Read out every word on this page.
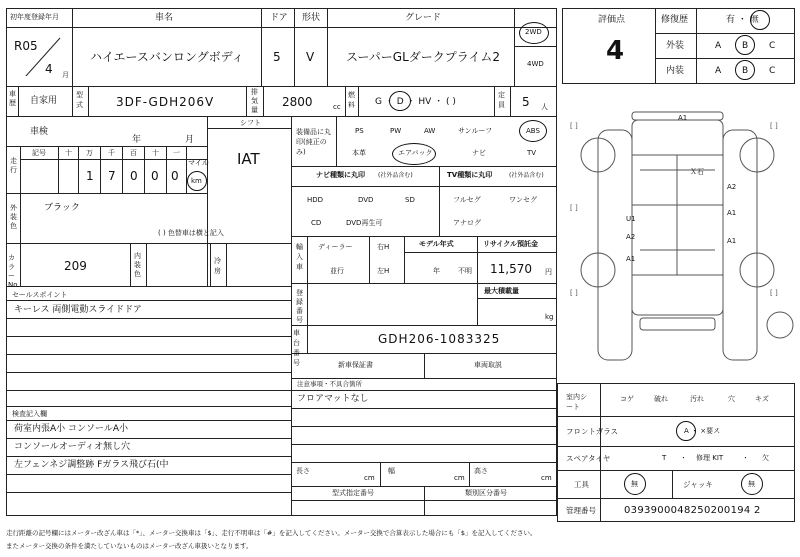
初年度登録年月
R05
4 月
車名
ハイエースバンロングボディ
ドア
5
形状
V
グレード
スーパーGLダークプライム2
2WD
4WD
評価点
4
修復歴	有 ・ 無
外装	A B C
内装	A B C
車歴 自家用
型式	3DF-GDH206V
排気量
2800	cc
燃料 G ・ D ・ HV ・ ( )
定員 5 人
車検
年	月
シフト
IAT
走行
記号	十 万 千 百 十 一
マイル
1 7 0 0 0 km
外装色
ブラック
( ) 色替車は横と記入
カラーNo.
209
内装色
冷房
セールスポイント
キーレス 両側電動スライドドア
検査記入欄
荷室内張A小 コンソールA小
コンソールオーディオ無し穴
左フェンネジ調整跡 Fガラス飛び石(中
装備品に丸印(純正のみ)
PS	PW	AW	サンルーフ	ABS
本革	エアバック	ナビ	TV
ナビ種類に丸印 (社外品含む)	TV種類に丸印	(社外品含む)
HDD	DVD	SD
CD	DVD再生可
フルセグ	ワンセグ
アナログ
輸入車
ディーラー
並行
右H
左H
モデル年式
年	不明
リサイクル預託金
11,570 円
登録番号
最大積載量
kg
車台番号
GDH206-1083325
新車保証書	車両取説
注意事項・不具合箇所
フロアマットなし
長さ
cm
幅
cm
高さ
cm
型式指定番号	類別区分番号
[ ]	[ ]
[ ]	[ ]
[ ]
A1
Ｘ石
A2
U1
A2
A1
A1
A1
室内シート
コゲ	破れ	汚れ	穴	キズ
フロントガラス	A ・ ×要ス
スペアタイヤ	T ・ 修理 KIT	・ 欠
工具	無	ジャッキ	無
管理番号	0393900048250200194 2
走行距離の記号欄にはメーター改ざん車は「*」、メーター交換車は「$」、走行不明車は「#」を記入してください。メーター交換で合算表示した場合にも「$」を記入してください。
またメーター交換の条件を満たしていないものはメーター改ざん車扱いとなります。
